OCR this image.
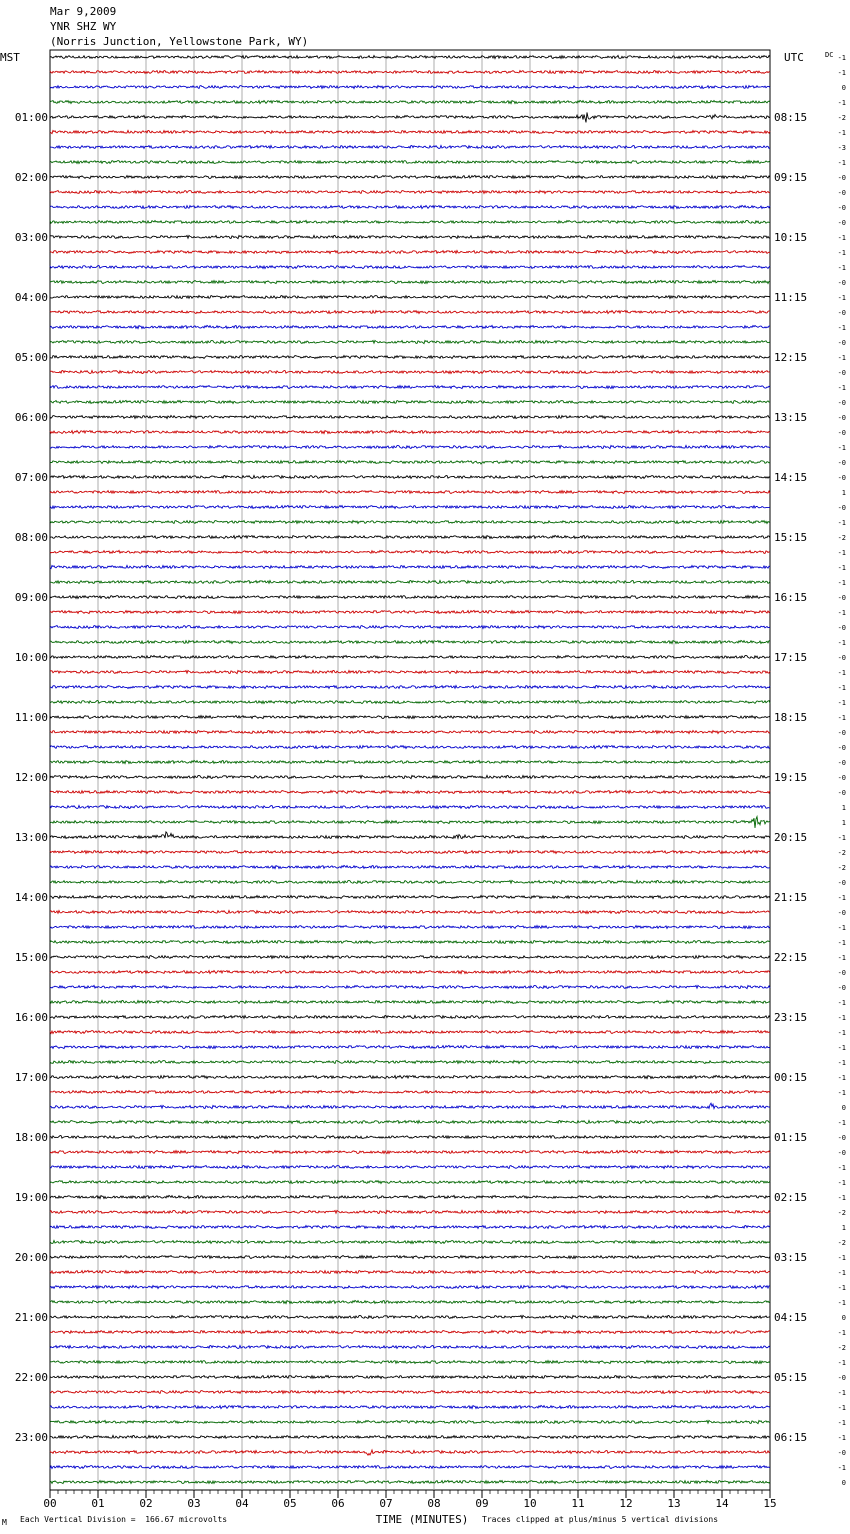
Mar 9,2009
YNR SHZ WY
(Norris Junction, Yellowstone Park, WY)
M Each Vertical Division =  166.67 microvolts	Traces clipped at plus/minus 5 vertical divisions
00	01	02	03	04	05	06	07	08	09	10	11	12	13	14	15
-1
-1
0
-1
-2
01:00	08:15
-1
-3
-1
-0
02:00	09:15
-0
-0
-0
-1
03:00	10:15
-1
-1
-0
-1
04:00	11:15
-0
-1
-0
-1
05:00	12:15
-0
-1
-0
-0
06:00	13:15
-0
-1
-0
-0
07:00	14:15
1
-0
-1
-2
08:00	15:15
-1
-1
-1
-0
09:00	16:15
-1
-0
-1
-0
10:00	17:15
-1
-1
-1
-1
11:00	18:15
-0
-0
-0
-0
12:00	19:15
-0
1
1
-1
13:00	20:15
-2
-2
-0
-1
14:00	21:15
-0
-1
-1
-1
15:00	22:15
-0
-0
-1
-1
16:00	23:15
-1
-1
-1
-1
17:00	00:15
-1
0
-1
-0
18:00	01:15
-0
-1
-1
-1
19:00	02:15
-2
1
-2
-1
20:00	03:15
-1
-1
-1
0
21:00	04:15
-1
-2
-1
-0
22:00	05:15
-1
-1
-1
-1
23:00	06:15
-0
-1
0
MST	UTC	DC
TIME (MINUTES)
